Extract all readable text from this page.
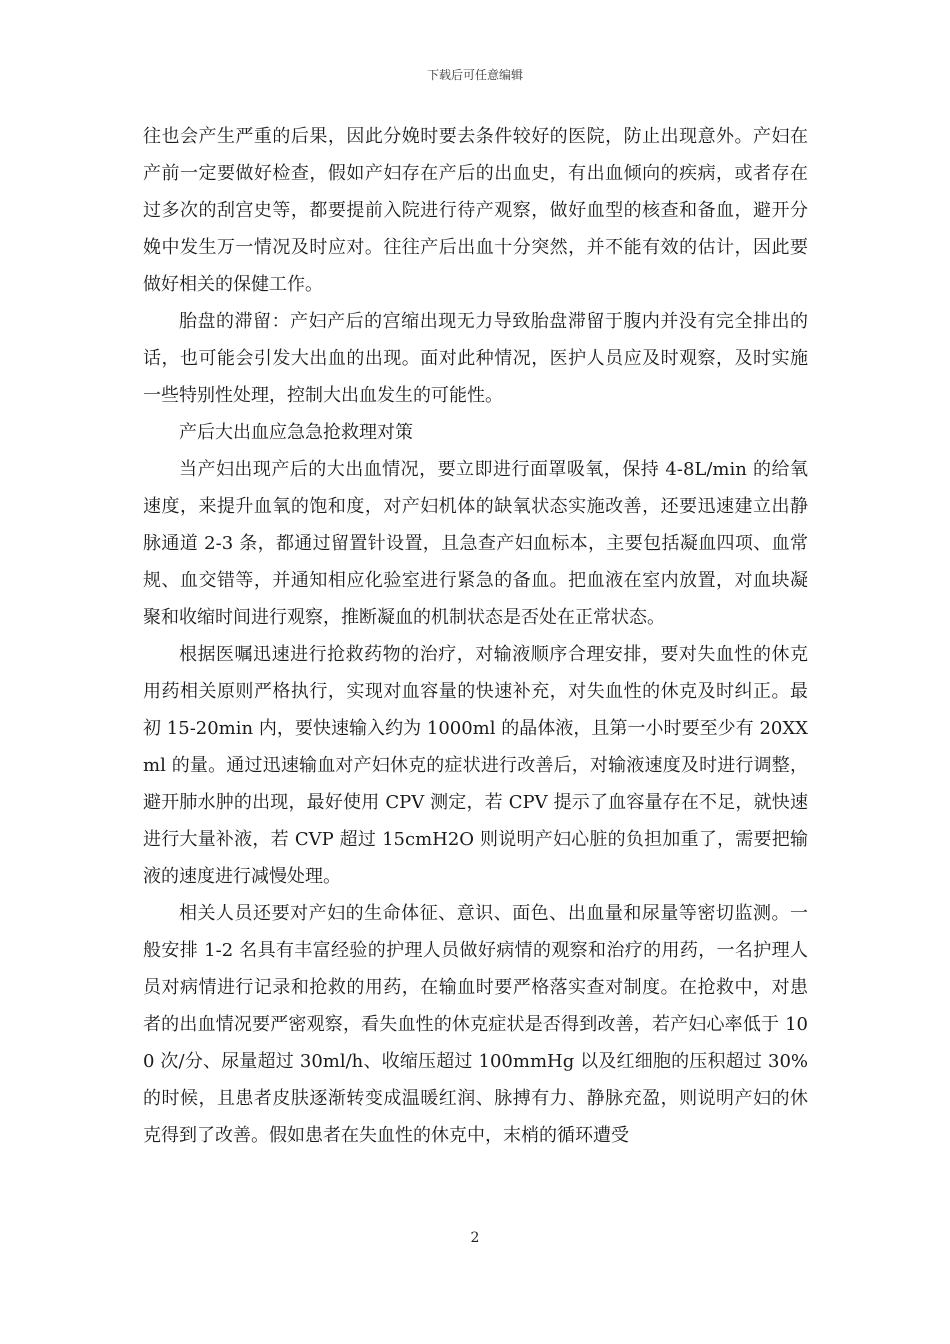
下载后可任意编辑

往也会产生严重的后果，因此分娩时要去条件较好的医院，防止出现意外。产妇在产前一定要做好检查，假如产妇存在产后的出血史，有出血倾向的疾病，或者存在过多次的刮宫史等，都要提前入院进行待产观察，做好血型的核查和备血，避开分娩中发生万一情况及时应对。往往产后出血十分突然，并不能有效的估计，因此要做好相关的保健工作。

胎盘的滞留：产妇产后的宫缩出现无力导致胎盘滞留于腹内并没有完全排出的话，也可能会引发大出血的出现。面对此种情况，医护人员应及时观察，及时实施一些特别性处理，控制大出血发生的可能性。

产后大出血应急急抢救理对策

当产妇出现产后的大出血情况，要立即进行面罩吸氧，保持 4-8L/min 的给氧速度，来提升血氧的饱和度，对产妇机体的缺氧状态实施改善，还要迅速建立出静脉通道 2-3 条，都通过留置针设置，且急查产妇血标本，主要包括凝血四项、血常规、血交错等，并通知相应化验室进行紧急的备血。把血液在室内放置，对血块凝聚和收缩时间进行观察，推断凝血的机制状态是否处在正常状态。

根据医嘱迅速进行抢救药物的治疗，对输液顺序合理安排，要对失血性的休克用药相关原则严格执行，实现对血容量的快速补充，对失血性的休克及时纠正。最初 15-20min 内，要快速输入约为 1000ml 的晶体液，且第一小时要至少有 20XXml 的量。通过迅速输血对产妇休克的症状进行改善后，对输液速度及时进行调整，避开肺水肿的出现，最好使用 CPV 测定，若 CPV 提示了血容量存在不足，就快速进行大量补液，若 CVP 超过 15cmH2O 则说明产妇心脏的负担加重了，需要把输液的速度进行减慢处理。

相关人员还要对产妇的生命体征、意识、面色、出血量和尿量等密切监测。一般安排 1-2 名具有丰富经验的护理人员做好病情的观察和治疗的用药，一名护理人员对病情进行记录和抢救的用药，在输血时要严格落实查对制度。在抢救中，对患者的出血情况要严密观察，看失血性的休克症状是否得到改善，若产妇心率低于 100 次/分、尿量超过 30ml/h、收缩压超过 100mmHg 以及红细胞的压积超过 30%的时候，且患者皮肤逐渐转变成温暖红润、脉搏有力、静脉充盈，则说明产妇的休克得到了改善。假如患者在失血性的休克中，末梢的循环遭受

2
